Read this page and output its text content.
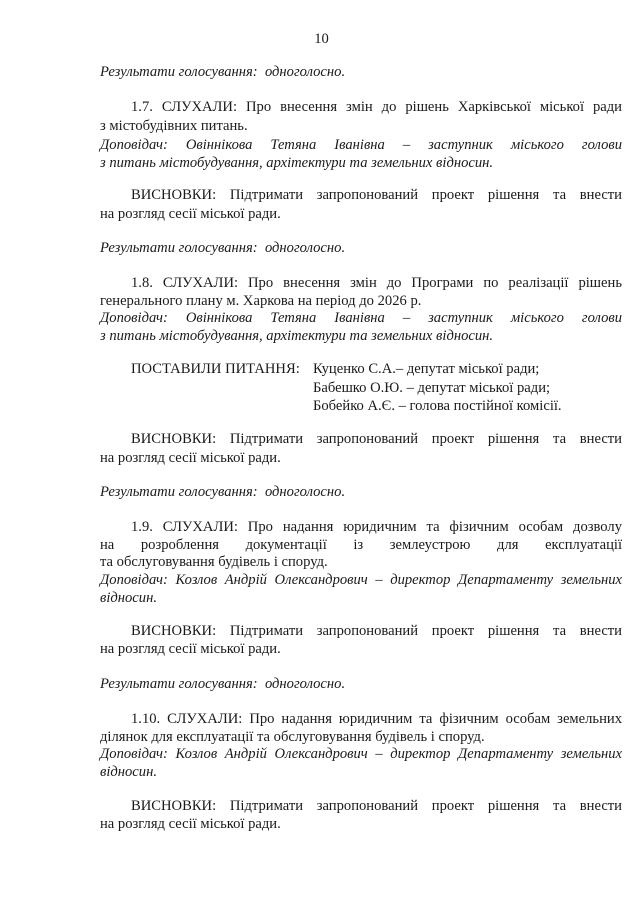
10
Результати голосування: одноголосно.
1.7. СЛУХАЛИ: Про внесення змін до рішень Харківської міської ради
з містобудівних питань.
Доповідач: Овіннікова Тетяна Іванівна – заступник міського голови
з питань містобудування, архітектури та земельних відносин.
ВИСНОВКИ: Підтримати запропонований проект рішення та внести
на розгляд сесії міської ради.
Результати голосування: одноголосно.
1.8. СЛУХАЛИ: Про внесення змін до Програми по реалізації рішень
генерального плану м. Харкова на період до 2026 р.
Доповідач: Овіннікова Тетяна Іванівна – заступник міського голови
з питань містобудування, архітектури та земельних відносин.
ПОСТАВИЛИ ПИТАННЯ: Куценко С.А.– депутат міської ради;
Бабешко О.Ю. – депутат міської ради;
Бобейко А.Є. – голова постійної комісії.
ВИСНОВКИ: Підтримати запропонований проект рішення та внести
на розгляд сесії міської ради.
Результати голосування: одноголосно.
1.9. СЛУХАЛИ: Про надання юридичним та фізичним особам дозволу
на розроблення документації із землеустрою для експлуатації
та обслуговування будівель і споруд.
Доповідач: Козлов Андрій Олександрович – директор Департаменту земельних
відносин.
ВИСНОВКИ: Підтримати запропонований проект рішення та внести
на розгляд сесії міської ради.
Результати голосування: одноголосно.
1.10. СЛУХАЛИ: Про надання юридичним та фізичним особам земельних
ділянок для експлуатації та обслуговування будівель і споруд.
Доповідач: Козлов Андрій Олександрович – директор Департаменту земельних
відносин.
ВИСНОВКИ: Підтримати запропонований проект рішення та внести
на розгляд сесії міської ради.
